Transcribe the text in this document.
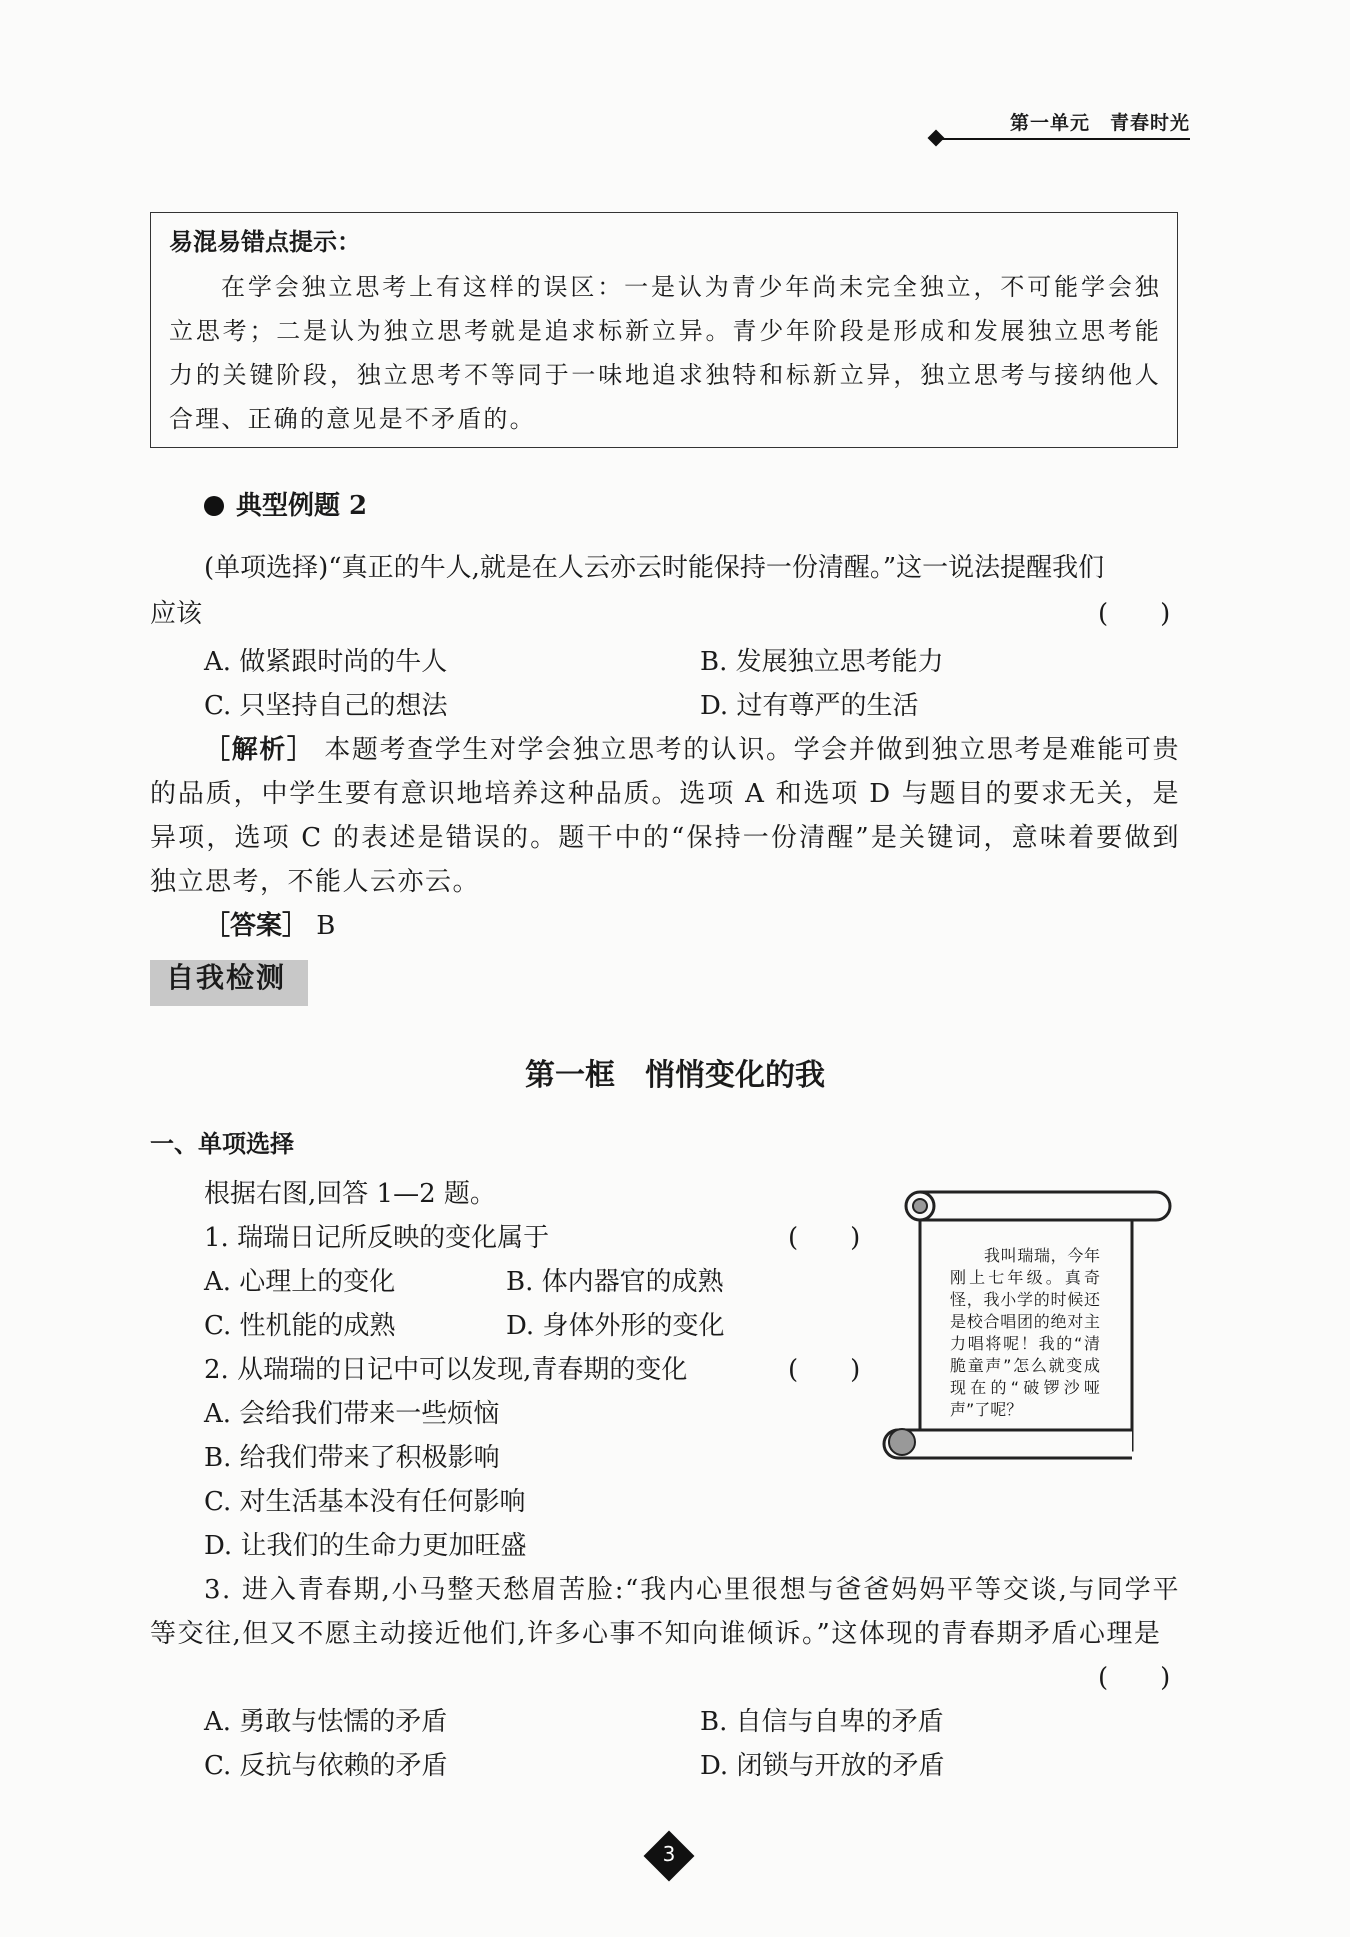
第一单元　青春时光
易混易错点提示：
在学会独立思考上有这样的误区：一是认为青少年尚未完全独立，不可能学会独立思考；二是认为独立思考就是追求标新立异。青少年阶段是形成和发展独立思考能力的关键阶段，独立思考不等同于一味地追求独特和标新立异，独立思考与接纳他人合理、正确的意见是不矛盾的。
典型例题 2
(单项选择)“真正的牛人,就是在人云亦云时能保持一份清醒。”这一说法提醒我们
应该	(　　)
A. 做紧跟时尚的牛人	B. 发展独立思考能力
C. 只坚持自己的想法	D. 过有尊严的生活
［解析］ 本题考查学生对学会独立思考的认识。学会并做到独立思考是难能可贵的品质，中学生要有意识地培养这种品质。选项 A 和选项 D 与题目的要求无关，是异项，选项 C 的表述是错误的。题干中的“保持一份清醒”是关键词，意味着要做到独立思考，不能人云亦云。
［答案］ B
自我检测
第一框　悄悄变化的我
一、单项选择
根据右图,回答 1—2 题。
1. 瑞瑞日记所反映的变化属于	(　　)
A. 心理上的变化	B. 体内器官的成熟
C. 性机能的成熟	D. 身体外形的变化
2. 从瑞瑞的日记中可以发现,青春期的变化	(　　)
A. 会给我们带来一些烦恼
B. 给我们带来了积极影响
C. 对生活基本没有任何影响
D. 让我们的生命力更加旺盛
3. 进入青春期,小马整天愁眉苦脸:“我内心里很想与爸爸妈妈平等交谈,与同学平等交往,但又不愿主动接近他们,许多心事不知向谁倾诉。”这体现的青春期矛盾心理是
(　　)
A. 勇敢与怯懦的矛盾	B. 自信与自卑的矛盾
C. 反抗与依赖的矛盾	D. 闭锁与开放的矛盾
我叫瑞瑞，今年刚上七年级。真奇怪，我小学的时候还是校合唱团的绝对主力唱将呢！我的“清脆童声”怎么就变成现在的“破锣沙哑声”了呢？
3
